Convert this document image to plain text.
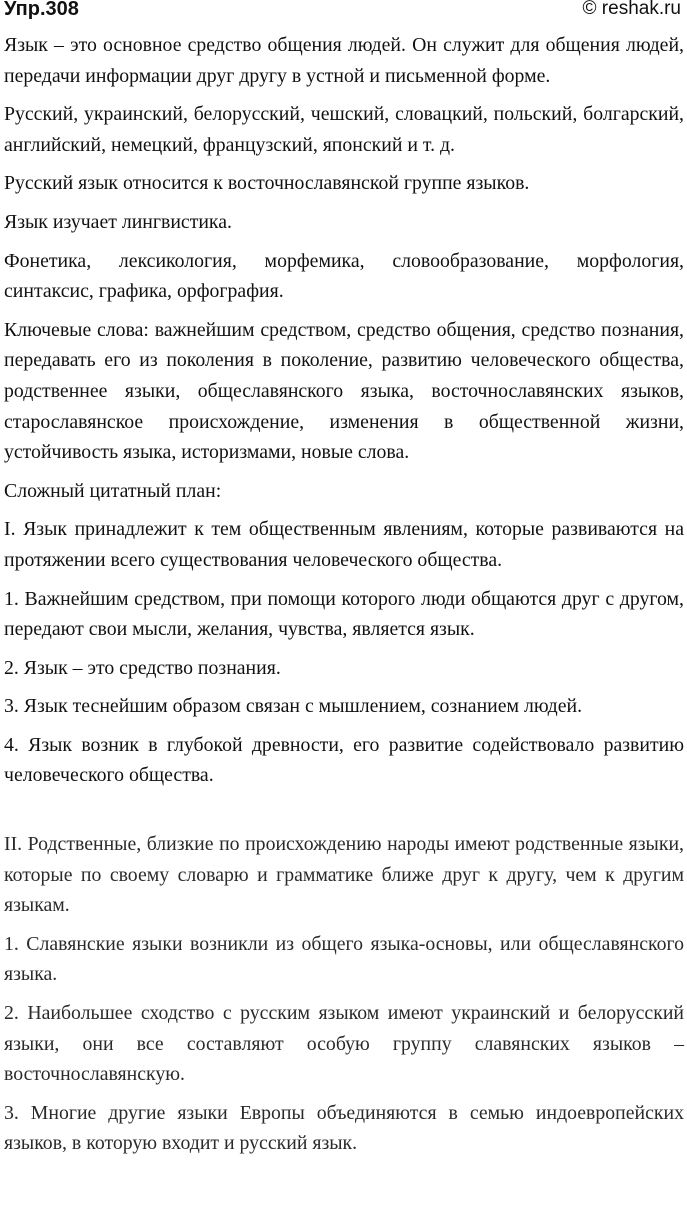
Упр.308	© reshak.ru

Язык – это основное средство общения людей. Он служит для общения людей, передачи информации друг другу в устной и письменной форме.

Русский, украинский, белорусский, чешский, словацкий, польский, болгарский, английский, немецкий, французский, японский и т. д.

Русский язык относится к восточнославянской группе языков.

Язык изучает лингвистика.

Фонетика, лексикология, морфемика, словообразование, морфология, синтаксис, графика, орфография.

Ключевые слова: важнейшим средством, средство общения, средство познания, передавать его из поколения в поколение, развитию человеческого общества, родственнее языки, общеславянского языка, восточнославянских языков, старославянское происхождение, изменения в общественной жизни, устойчивость языка, историзмами, новые слова.

Сложный цитатный план:

I. Язык принадлежит к тем общественным явлениям, которые развиваются на протяжении всего существования человеческого общества.

1. Важнейшим средством, при помощи которого люди общаются друг с другом, передают свои мысли, желания, чувства, является язык.

2. Язык – это средство познания.

3. Язык теснейшим образом связан с мышлением, сознанием людей.

4. Язык возник в глубокой древности, его развитие содействовало развитию человеческого общества.

II. Родственные, близкие по происхождению народы имеют родственные языки, которые по своему словарю и грамматике ближе друг к другу, чем к другим языкам.

1. Славянские языки возникли из общего языка-основы, или общеславянского языка.

2. Наибольшее сходство с русским языком имеют украинский и белорусский языки, они все составляют особую группу славянских языков – восточнославянскую.

3. Многие другие языки Европы объединяются в семью индоевропейских языков, в которую входит и русский язык.
